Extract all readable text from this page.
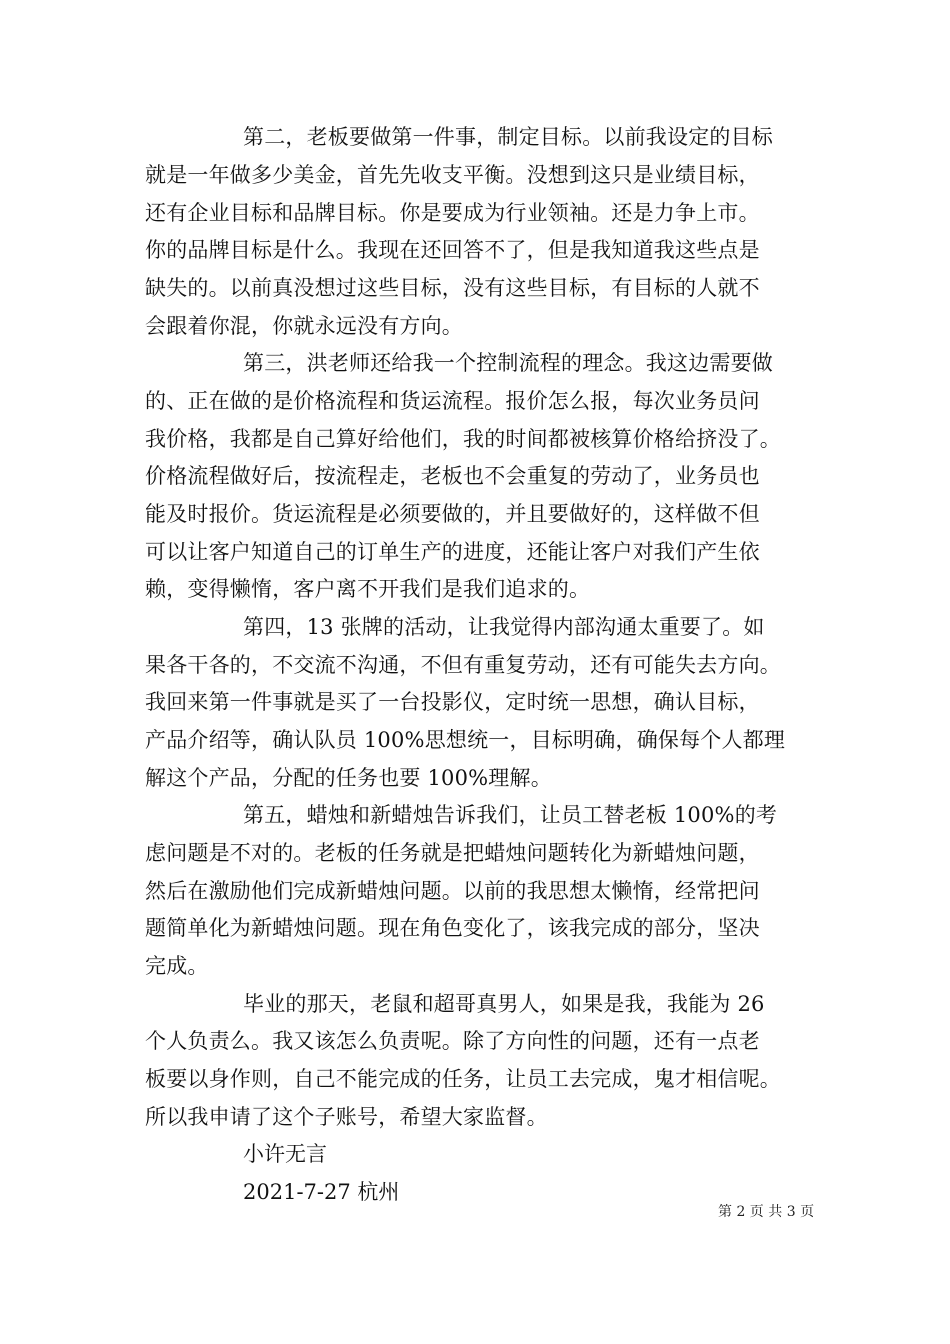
第二，老板要做第一件事，制定目标。以前我设定的目标
就是一年做多少美金，首先先收支平衡。没想到这只是业绩目标，
还有企业目标和品牌目标。你是要成为行业领袖。还是力争上市。
你的品牌目标是什么。我现在还回答不了，但是我知道我这些点是
缺失的。以前真没想过这些目标，没有这些目标，有目标的人就不
会跟着你混，你就永远没有方向。
第三，洪老师还给我一个控制流程的理念。我这边需要做
的、正在做的是价格流程和货运流程。报价怎么报，每次业务员问
我价格，我都是自己算好给他们，我的时间都被核算价格给挤没了。
价格流程做好后，按流程走，老板也不会重复的劳动了，业务员也
能及时报价。货运流程是必须要做的，并且要做好的，这样做不但
可以让客户知道自己的订单生产的进度，还能让客户对我们产生依
赖，变得懒惰，客户离不开我们是我们追求的。
第四，13 张牌的活动，让我觉得内部沟通太重要了。如
果各干各的，不交流不沟通，不但有重复劳动，还有可能失去方向。
我回来第一件事就是买了一台投影仪，定时统一思想，确认目标，
产品介绍等，确认队员 100%思想统一，目标明确，确保每个人都理
解这个产品，分配的任务也要 100%理解。
第五，蜡烛和新蜡烛告诉我们，让员工替老板 100%的考
虑问题是不对的。老板的任务就是把蜡烛问题转化为新蜡烛问题，
然后在激励他们完成新蜡烛问题。以前的我思想太懒惰，经常把问
题简单化为新蜡烛问题。现在角色变化了，该我完成的部分，坚决
完成。
毕业的那天，老鼠和超哥真男人，如果是我，我能为 26
个人负责么。我又该怎么负责呢。除了方向性的问题，还有一点老
板要以身作则，自己不能完成的任务，让员工去完成，鬼才相信呢。
所以我申请了这个子账号，希望大家监督。
小许无言
2021-7-27 杭州
第 2 页 共 3 页
